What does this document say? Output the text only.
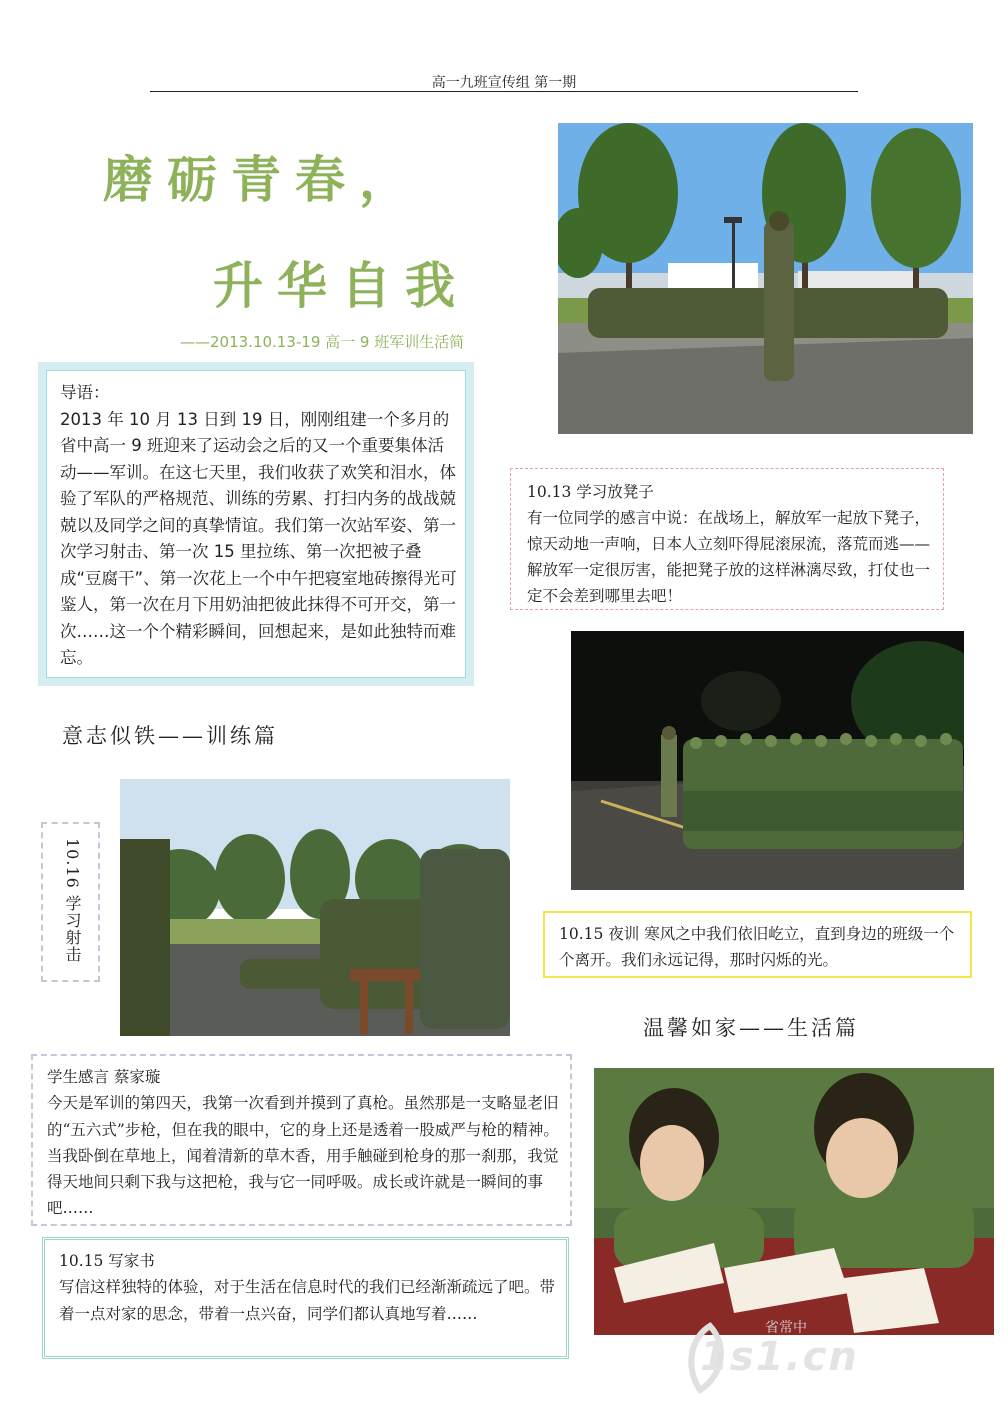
高一九班宣传组 第一期
磨砺青春，
升华自我
——2013.10.13-19 高一 9 班军训生活简
导语：
2013 年 10 月 13 日到 19 日，刚刚组建一个多月的省中高一 9 班迎来了运动会之后的又一个重要集体活动——军训。在这七天里，我们收获了欢笑和泪水，体验了军队的严格规范、训练的劳累、打扫内务的战战兢兢以及同学之间的真挚情谊。我们第一次站军姿、第一次学习射击、第一次 15 里拉练、第一次把被子叠成“豆腐干”、第一次花上一个中午把寝室地砖擦得光可鉴人，第一次在月下用奶油把彼此抹得不可开交，第一次……这一个个精彩瞬间，回想起来，是如此独特而难忘。
10.13 学习放凳子
有一位同学的感言中说：在战场上，解放军一起放下凳子，惊天动地一声响，日本人立刻吓得屁滚尿流，落荒而逃——解放军一定很厉害，能把凳子放的这样淋漓尽致，打仗也一定不会差到哪里去吧！
意志似铁——训练篇
10.16 学习射击	10.15 夜训 寒风之中我们依旧屹立，直到身边的班级一个个离开。我们永远记得，那时闪烁的光。
温馨如家——生活篇
学生感言 蔡家璇
今天是军训的第四天，我第一次看到并摸到了真枪。虽然那是一支略显老旧的“五六式”步枪，但在我的眼中，它的身上还是透着一股威严与枪的精神。当我卧倒在草地上，闻着清新的草木香，用手触碰到枪身的那一刹那，我觉得天地间只剩下我与这把枪，我与它一同呼吸。成长或许就是一瞬间的事吧……
10.15 写家书
写信这样独特的体验，对于生活在信息时代的我们已经渐渐疏远了吧。带着一点对家的思念，带着一点兴奋，同学们都认真地写着……
省常中
1s1.cn
